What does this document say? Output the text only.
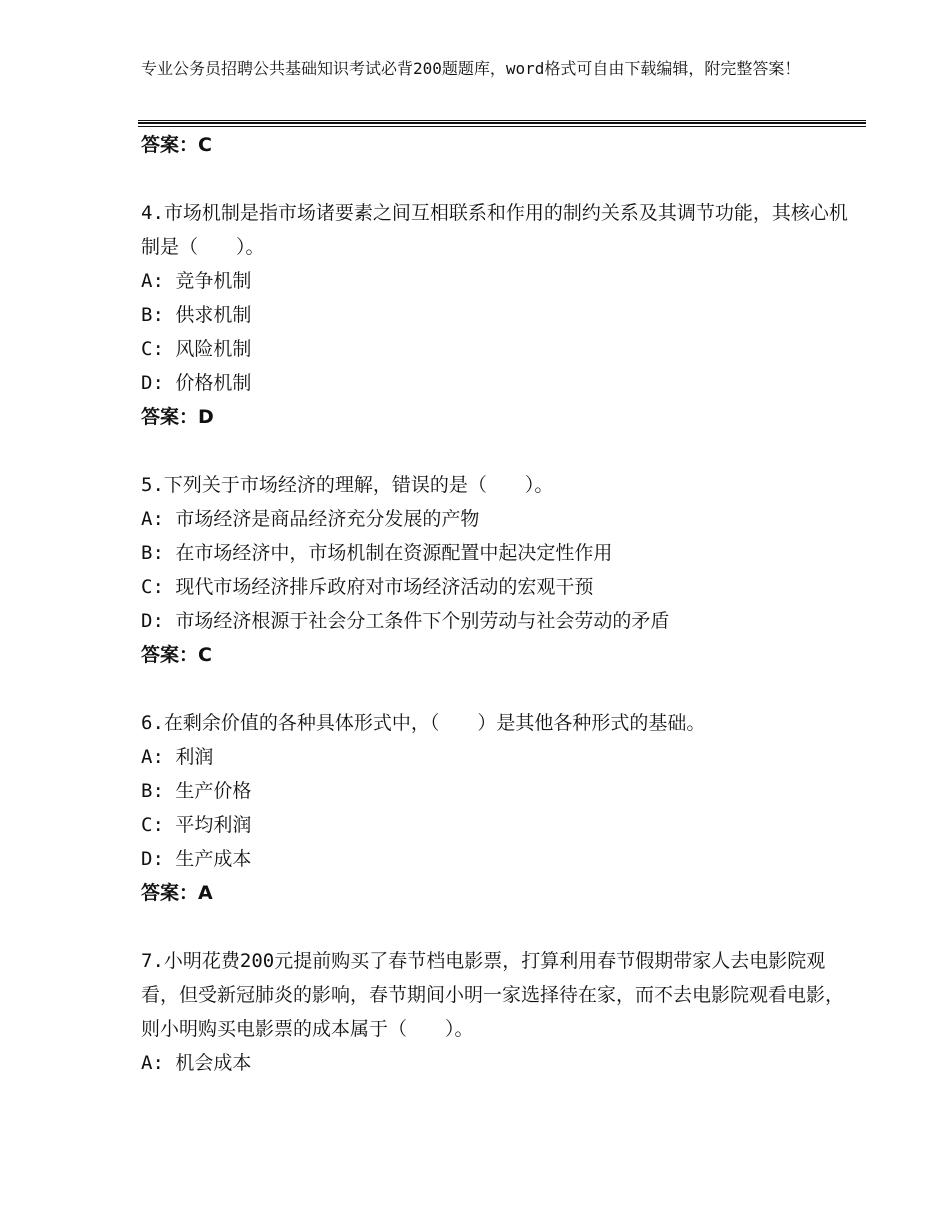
专业公务员招聘公共基础知识考试必背200题题库，word格式可自由下载编辑，附完整答案！
答案：C
4.市场机制是指市场诸要素之间互相联系和作用的制约关系及其调节功能，其核心机制是（　　）。
A: 竞争机制
B: 供求机制
C: 风险机制
D: 价格机制
答案：D
5.下列关于市场经济的理解，错误的是（　　）。
A: 市场经济是商品经济充分发展的产物
B: 在市场经济中，市场机制在资源配置中起决定性作用
C: 现代市场经济排斥政府对市场经济活动的宏观干预
D: 市场经济根源于社会分工条件下个别劳动与社会劳动的矛盾
答案：C
6.在剩余价值的各种具体形式中，（　　）是其他各种形式的基础。
A: 利润
B: 生产价格
C: 平均利润
D: 生产成本
答案：A
7.小明花费200元提前购买了春节档电影票，打算利用春节假期带家人去电影院观看，但受新冠肺炎的影响，春节期间小明一家选择待在家，而不去电影院观看电影，则小明购买电影票的成本属于（　　）。
A: 机会成本
